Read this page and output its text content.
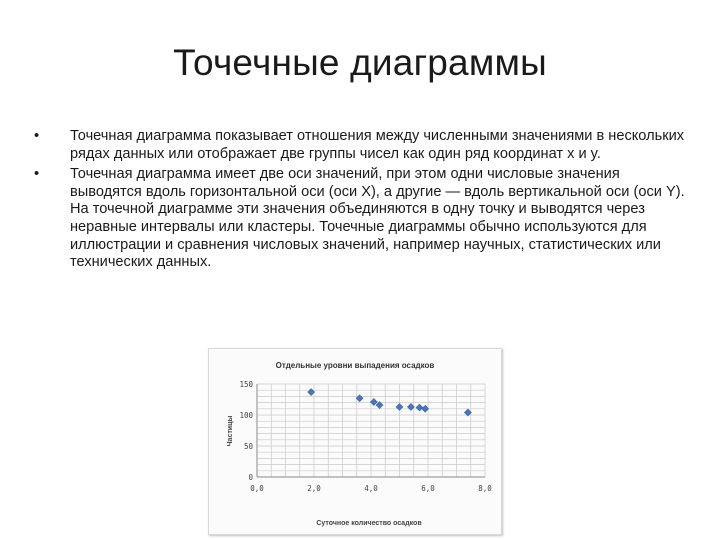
Точечные диаграммы
• Точечная диаграмма показывает отношения между численными значениями в нескольких рядах данных или отображает две группы чисел как один ряд координат x и y.
• Точечная диаграмма имеет две оси значений, при этом одни числовые значения выводятся вдоль горизонтальной оси (оси X), а другие — вдоль вертикальной оси (оси Y). На точечной диаграмме эти значения объединяются в одну точку и выводятся через неравные интервалы или кластеры. Точечные диаграммы обычно используются для иллюстрации и сравнения числовых значений, например научных, статистических или технических данных.
Отдельные уровни выпадения осадков
Суточное количество осадков
Частицы
0,0	2,0	4,0	6,0	8,0
0
50
100
150
